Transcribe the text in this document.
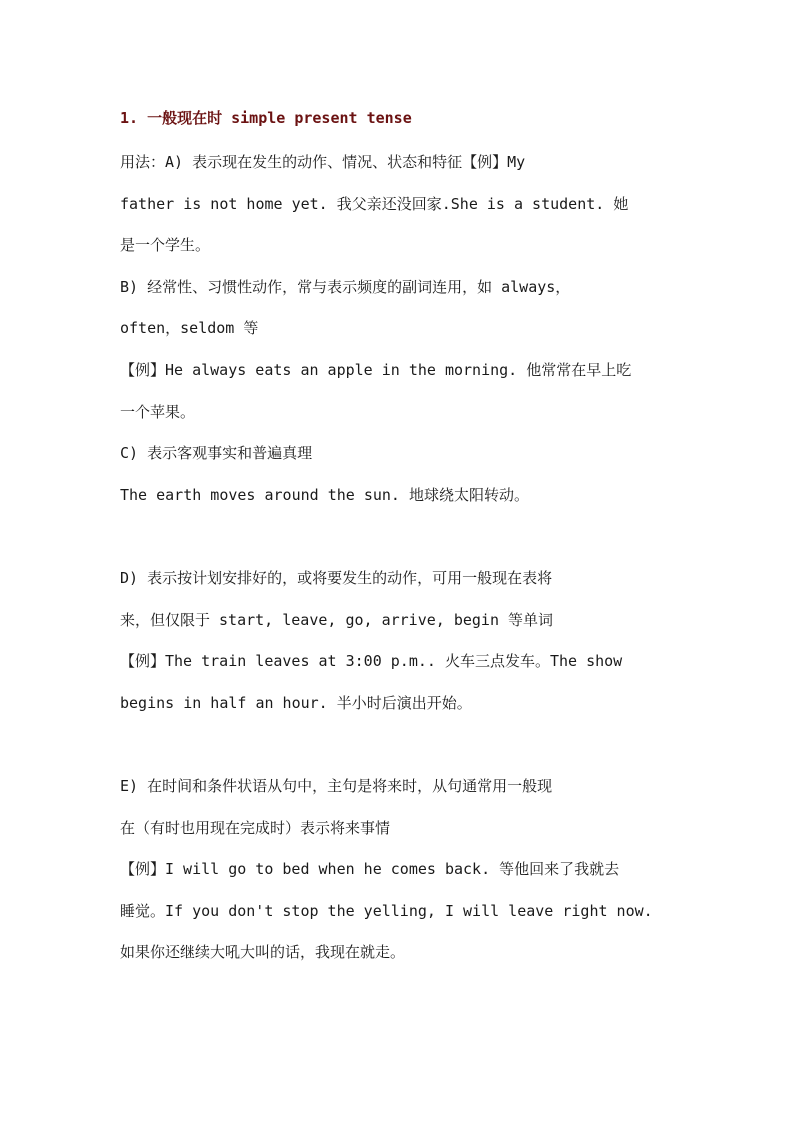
1. 一般现在时 simple present tense
用法：A) 表示现在发生的动作、情况、状态和特征【例】My
father is not home yet. 我父亲还没回家.She is a student. 她
是一个学生。
B) 经常性、习惯性动作，常与表示频度的副词连用，如 always，
often，seldom 等
【例】He always eats an apple in the morning. 他常常在早上吃
一个苹果。
C) 表示客观事实和普遍真理
The earth moves around the sun. 地球绕太阳转动。
D) 表示按计划安排好的，或将要发生的动作，可用一般现在表将
来，但仅限于 start, leave, go, arrive, begin 等单词
【例】The train leaves at 3:00 p.m.. 火车三点发车。The show
begins in half an hour. 半小时后演出开始。
E) 在时间和条件状语从句中，主句是将来时，从句通常用一般现
在（有时也用现在完成时）表示将来事情
【例】I will go to bed when he comes back. 等他回来了我就去
睡觉。If you don't stop the yelling, I will leave right now.
如果你还继续大吼大叫的话，我现在就走。
